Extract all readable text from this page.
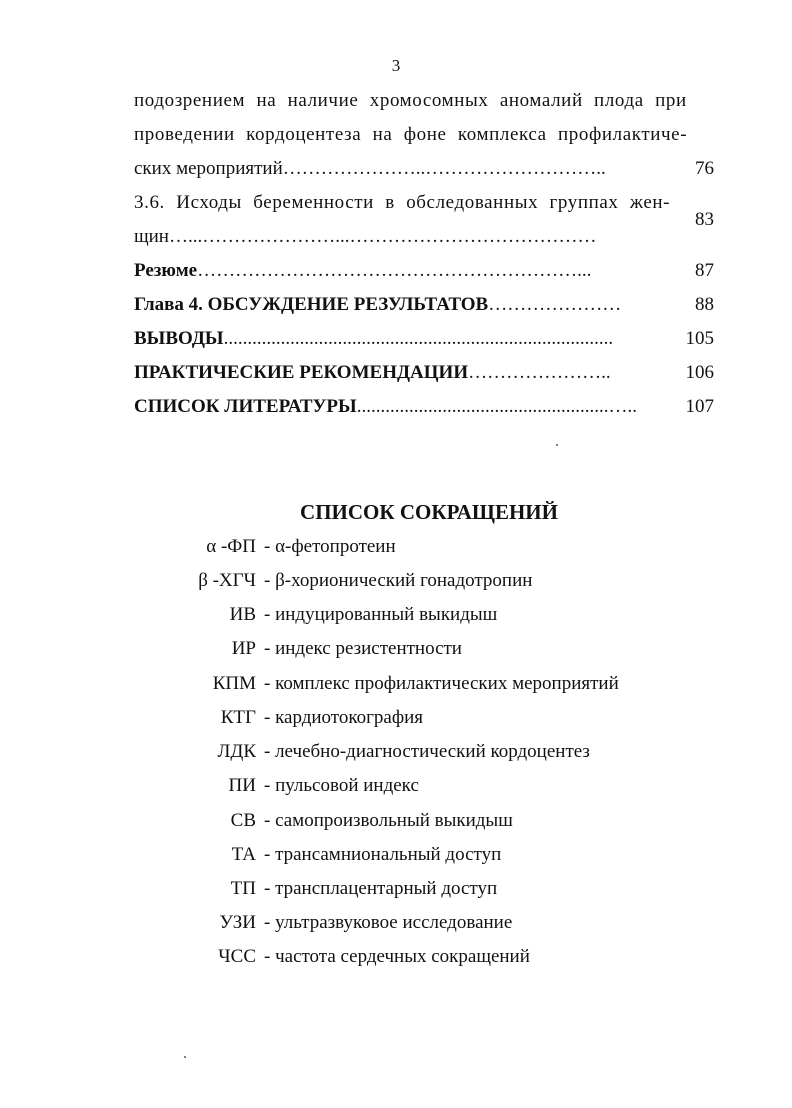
3
подозрением на наличие хромосомных аномалий плода при
проведении кордоцентеза на фоне комплекса профилактиче-
ских мероприятий…………………..………………………..	76
3.6. Исходы беременности в обследованных группах жен-
щин…...…………………...…………………………………
83
Резюме……………………………………………………...	87
Глава 4. ОБСУЖДЕНИЕ РЕЗУЛЬТАТОВ…………………	88
ВЫВОДЫ..................................................................................	105
ПРАКТИЧЕСКИЕ РЕКОМЕНДАЦИИ…………………..	106
СПИСОК ЛИТЕРАТУРЫ.....................................................…..	107
СПИСОК СОКРАЩЕНИЙ
α -ФП - α-фетопротеин
β -ХГЧ - β-хорионический гонадотропин
ИВ - индуцированный выкидыш
ИР - индекс резистентности
КПМ - комплекс профилактических мероприятий
КТГ - кардиотокография
ЛДК - лечебно-диагностический кордоцентез
ПИ - пульсовой индекс
СВ - самопроизвольный выкидыш
ТА - трансамниональный доступ
ТП - трансплацентарный доступ
УЗИ - ультразвуковое исследование
ЧСС - частота сердечных сокращений
